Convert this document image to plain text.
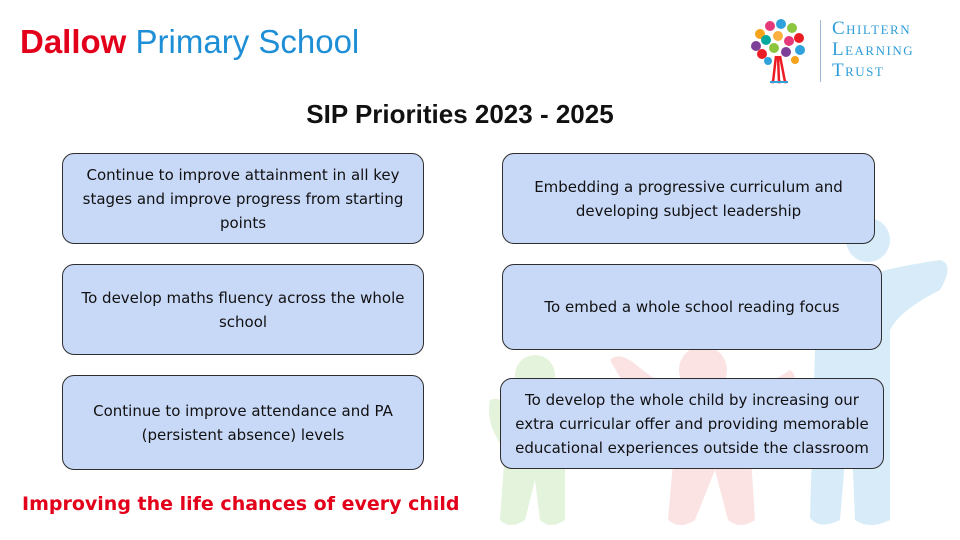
Dallow Primary School	Chiltern
Learning
Trust
SIP Priorities 2023 - 2025
Continue to improve attainment in all key stages and improve progress from starting points
Embedding a progressive curriculum and developing subject leadership
To develop maths fluency across the whole school
To embed a whole school reading focus
Continue to improve attendance and PA (persistent absence) levels
To develop the whole child by increasing our extra curricular offer and providing memorable educational experiences outside the classroom
Improving the life chances of every child
